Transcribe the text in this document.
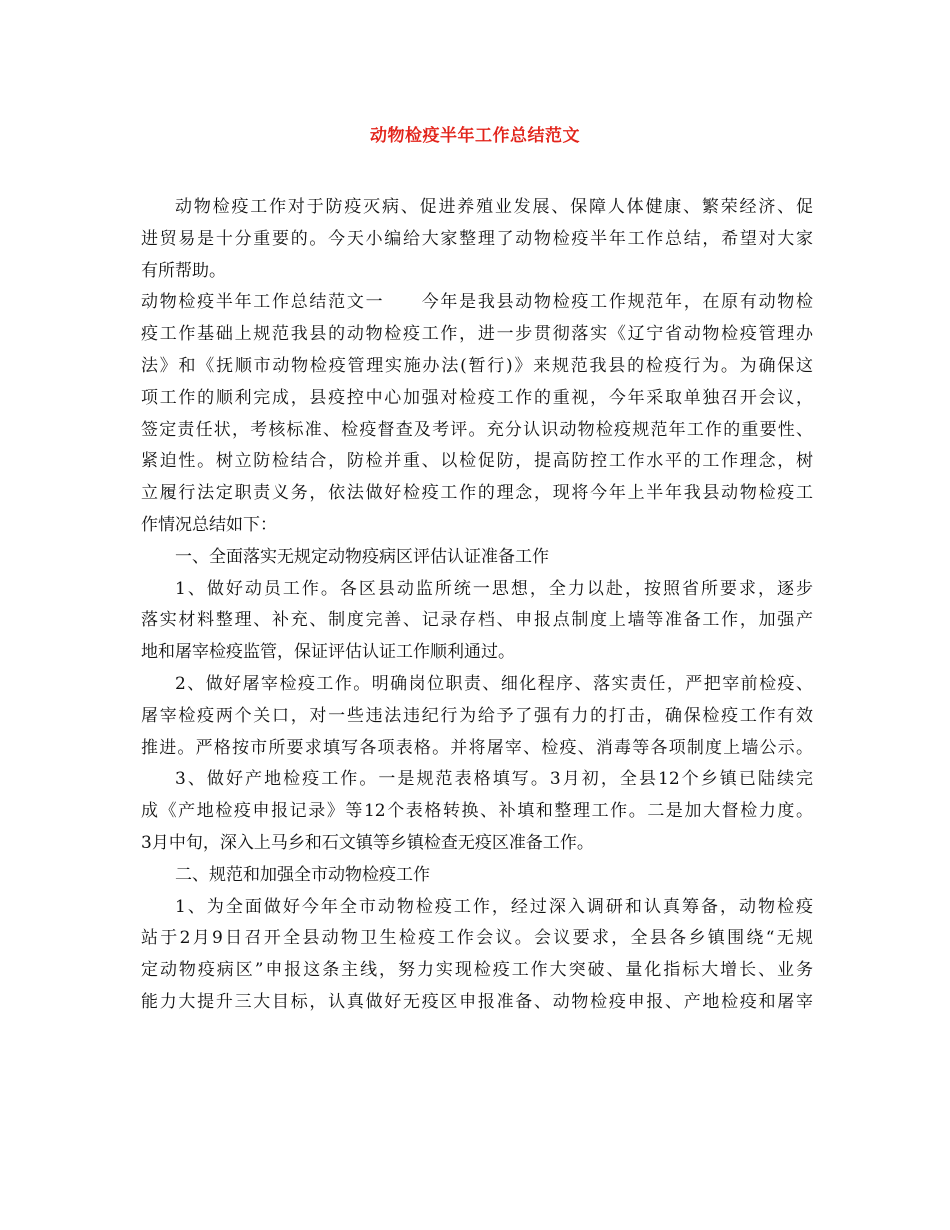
动物检疫半年工作总结范文
动物检疫工作对于防疫灭病、促进养殖业发展、保障人体健康、繁荣经济、促
进贸易是十分重要的。今天小编给大家整理了动物检疫半年工作总结，希望对大家
有所帮助。
动物检疫半年工作总结范文一　　今年是我县动物检疫工作规范年，在原有动物检
疫工作基础上规范我县的动物检疫工作，进一步贯彻落实《辽宁省动物检疫管理办
法》和《抚顺市动物检疫管理实施办法(暂行)》来规范我县的检疫行为。为确保这
项工作的顺利完成，县疫控中心加强对检疫工作的重视，今年采取单独召开会议，
签定责任状，考核标准、检疫督查及考评。充分认识动物检疫规范年工作的重要性、
紧迫性。树立防检结合，防检并重、以检促防，提高防控工作水平的工作理念，树
立履行法定职责义务，依法做好检疫工作的理念，现将今年上半年我县动物检疫工
作情况总结如下：
一、全面落实无规定动物疫病区评估认证准备工作
1、做好动员工作。各区县动监所统一思想，全力以赴，按照省所要求，逐步
落实材料整理、补充、制度完善、记录存档、申报点制度上墙等准备工作，加强产
地和屠宰检疫监管，保证评估认证工作顺利通过。
2、做好屠宰检疫工作。明确岗位职责、细化程序、落实责任，严把宰前检疫、
屠宰检疫两个关口，对一些违法违纪行为给予了强有力的打击，确保检疫工作有效
推进。严格按市所要求填写各项表格。并将屠宰、检疫、消毒等各项制度上墙公示。
3、做好产地检疫工作。一是规范表格填写。3月初，全县12个乡镇已陆续完
成《产地检疫申报记录》等12个表格转换、补填和整理工作。二是加大督检力度。
3月中旬，深入上马乡和石文镇等乡镇检查无疫区准备工作。
二、规范和加强全市动物检疫工作
1、为全面做好今年全市动物检疫工作，经过深入调研和认真筹备，动物检疫
站于2月9日召开全县动物卫生检疫工作会议。会议要求，全县各乡镇围绕“无规
定动物疫病区”申报这条主线，努力实现检疫工作大突破、量化指标大增长、业务
能力大提升三大目标，认真做好无疫区申报准备、动物检疫申报、产地检疫和屠宰
